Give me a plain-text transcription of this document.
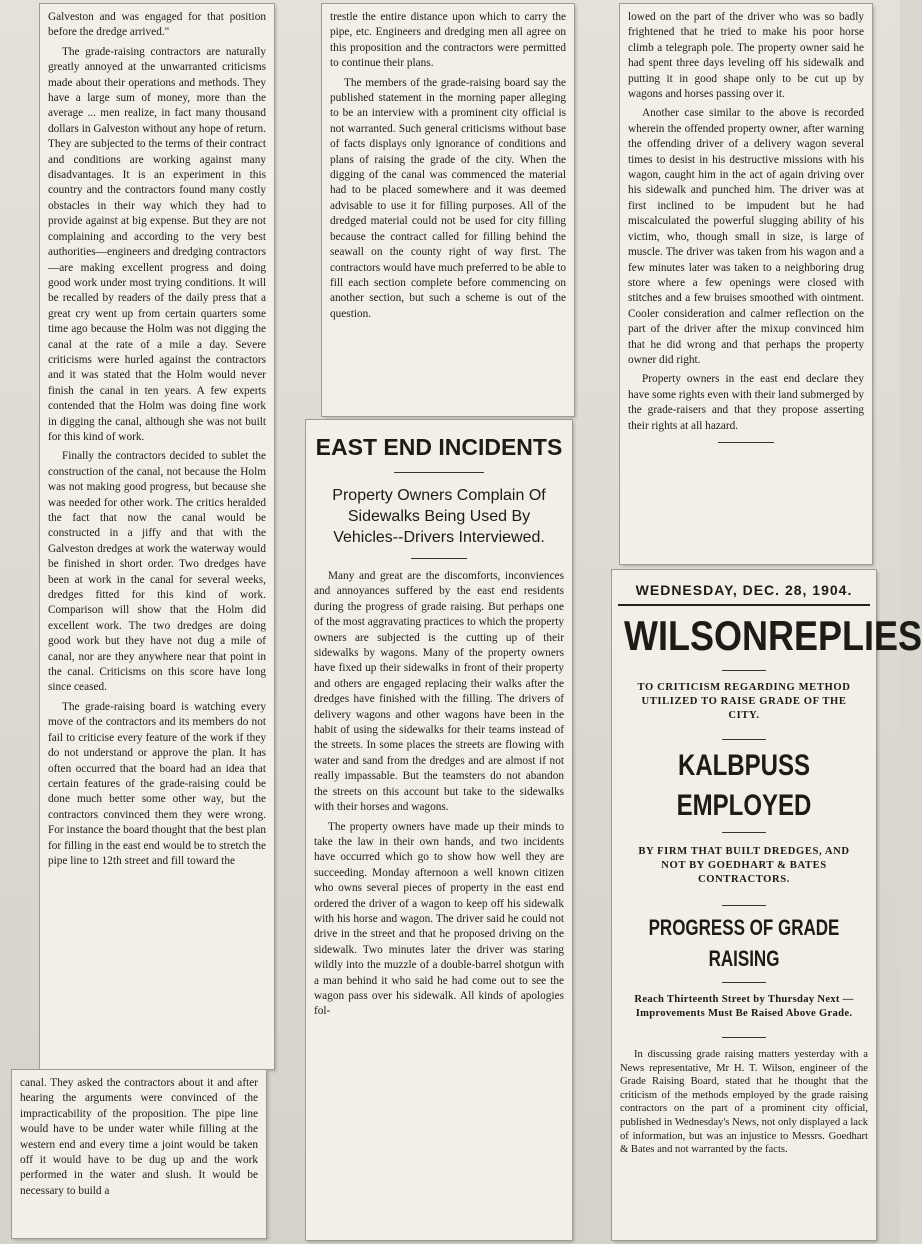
Galveston and was engaged for that position before the dredge arrived."

The grade-raising contractors are naturally greatly annoyed at the unwarranted criticisms made about their operations and methods. They have a large sum of money, more than the average ... men realize, in fact many thousand dollars in Galveston without any hope of return. They are subjected to the terms of their contract and conditions are working against many disadvantages. It is an experiment in this country and the contractors found many costly obstacles in their way which they had to provide against at big expense. But they are not complaining and according to the very best authorities—engineers and dredging contractors—are making excellent progress and doing good work under most trying conditions. It will be recalled by readers of the daily press that a great cry went up from certain quarters some time ago because the Holm was not digging the canal at the rate of a mile a day. Severe criticisms were hurled against the contractors and it was stated that the Holm would never finish the canal in ten years. A few experts contended that the Holm was doing fine work in digging the canal, although she was not built for this kind of work.

Finally the contractors decided to sublet the construction of the canal, not because the Holm was not making good progress, but because she was needed for other work. The critics heralded the fact that now the canal would be constructed in a jiffy and that with the Galveston dredges at work the waterway would be finished in short order. Two dredges have been at work in the canal for several weeks, dredges fitted for this kind of work. Comparison will show that the Holm did excellent work. The two dredges are doing good work but they have not dug a mile of canal, nor are they anywhere near that point in the canal. Criticisms on this score have long since ceased.

The grade-raising board is watching every move of the contractors and its members do not fail to criticise every feature of the work if they do not understand or approve the plan. It has often occurred that the board had an idea that certain features of the grade-raising could be done much better some other way, but the contractors convinced them they were wrong. For instance the board thought that the best plan for filling in the east end would be to stretch the pipe line to 12th street and fill toward the

canal. They asked the contractors about it and after hearing the arguments were convinced of the impracticability of the proposition. The pipe line would have to be under water while filling at the western end and every time a joint would be taken off it would have to be dug up and the work performed in the water and slush. It would be necessary to build a

trestle the entire distance upon which to carry the pipe, etc. Engineers and dredging men all agree on this proposition and the contractors were permitted to continue their plans.

The members of the grade-raising board say the published statement in the morning paper alleging to be an interview with a prominent city official is not warranted. Such general criticisms without base of facts displays only ignorance of conditions and plans of raising the grade of the city. When the digging of the canal was commenced the material had to be placed somewhere and it was deemed advisable to use it for filling purposes. All of the dredged material could not be used for city filling because the contract called for filling behind the seawall on the county right of way first. The contractors would have much preferred to be able to fill each section complete before commencing on another section, but such a scheme is out of the question.

EAST END INCIDENTS
Property Owners Complain Of Sidewalks Being Used By Vehicles--Drivers Interviewed.

Many and great are the discomforts, inconviences and annoyances suffered by the east end residents during the progress of grade raising. But perhaps one of the most aggravating practices to which the property owners are subjected is the cutting up of their sidewalks by wagons. Many of the property owners have fixed up their sidewalks in front of their property and others are engaged replacing their walks after the dredges have finished with the filling. The drivers of delivery wagons and other wagons have been in the habit of using the sidewalks for their teams instead of the streets. In some places the streets are flowing with water and sand from the dredges and are almost if not really impassable. But the teamsters do not abandon the streets on this account but take to the sidewalks with their horses and wagons.

The property owners have made up their minds to take the law in their own hands, and two incidents have occurred which go to show how well they are succeeding. Monday afternoon a well known citizen who owns several pieces of property in the east end ordered the driver of a wagon to keep off his sidewalk with his horse and wagon. The driver said he could not drive in the street and that he proposed driving on the sidewalk. Two minutes later the driver was staring wildly into the muzzle of a double-barrel shotgun with a man behind it who said he had come out to see the wagon pass over his sidewalk. All kinds of apologies fol-

lowed on the part of the driver who was so badly frightened that he tried to make his poor horse climb a telegraph pole. The property owner said he had spent three days leveling off his sidewalk and putting it in good shape only to be cut up by wagons and horses passing over it.

Another case similar to the above is recorded wherein the offended property owner, after warning the offending driver of a delivery wagon several times to desist in his destructive missions with his wagon, caught him in the act of again driving over his sidewalk and punched him. The driver was at first inclined to be impudent but he had miscalculated the powerful slugging ability of his victim, who, though small in size, is large of muscle. The driver was taken from his wagon and a few minutes later was taken to a neighboring drug store where a few openings were closed with stitches and a few bruises smoothed with ointment. Cooler consideration and calmer reflection on the part of the driver after the mixup convinced him that he did wrong and that perhaps the property owner did right.

Property owners in the east end declare they have some rights even with their land submerged by the grade-raisers and that they propose asserting their rights at all hazard.

WEDNESDAY, DEC. 28, 1904.
WILSON REPLIES
TO CRITICISM REGARDING METHOD UTILIZED TO RAISE GRADE OF THE CITY.
KALBPUSS EMPLOYED
BY FIRM THAT BUILT DREDGES, AND NOT BY GOEDHART & BATES CONTRACTORS.
PROGRESS OF GRADE RAISING
Reach Thirteenth Street by Thursday Next — Improvements Must Be Raised Above Grade.

In discussing grade raising matters yesterday with a News representative, Mr H. T. Wilson, engineer of the Grade Raising Board, stated that he thought that the criticism of the methods employed by the grade raising contractors on the part of a prominent city official, published in Wednesday's News, not only displayed a lack of information, but was an injustice to Messrs. Goedhart & Bates and not warranted by the facts.
